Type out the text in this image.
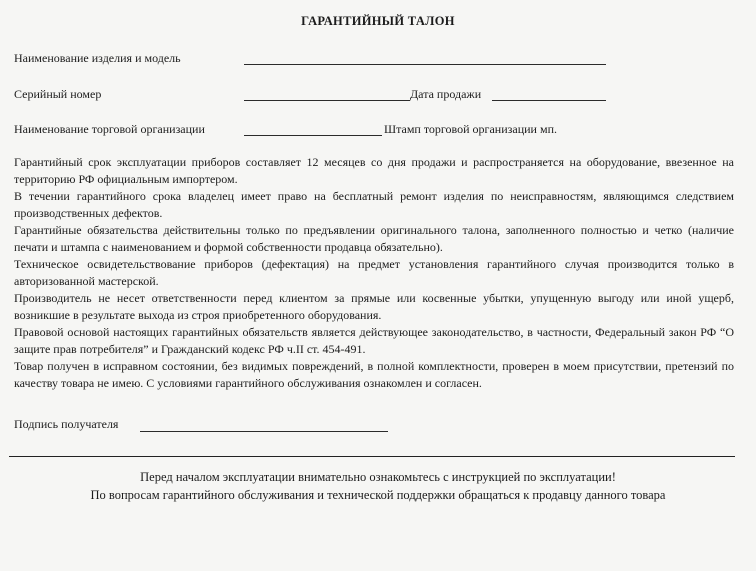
ГАРАНТИЙНЫЙ ТАЛОН
Наименование изделия и модель
Серийный номер	Дата продажи
Наименование торговой организации	Штамп торговой организации мп.

Гарантийный срок эксплуатации приборов составляет 12 месяцев со дня продажи и распространяется на оборудование, ввезенное на территорию РФ официальным импортером.

В течении гарантийного срока владелец имеет право на бесплатный ремонт изделия по неисправностям, являющимся следствием производственных дефектов.

Гарантийные обязательства действительны только по предъявлении оригинального талона, заполненного полностью и четко (наличие печати и штампа с наименованием и формой собственности продавца обязательно).

Техническое освидетельствование приборов (дефектация) на предмет установления гарантийного случая производится только в авторизованной мастерской.

Производитель не несет ответственности перед клиентом за прямые или косвенные убытки, упущенную выгоду или иной ущерб, возникшие в результате выхода из строя приобретенного оборудования.

Правовой основой настоящих гарантийных обязательств является действующее законодательство, в частности, Федеральный закон РФ “О защите прав потребителя” и Гражданский кодекс РФ ч.II ст. 454-491.

Товар получен в исправном состоянии, без видимых повреждений, в полной комплектности, проверен в моем присутствии, претензий по качеству товара не имею. С условиями гарантийного обслуживания ознакомлен и согласен.

Подпись получателя
Перед началом эксплуатации внимательно ознакомьтесь с инструкцией по эксплуатации!
По вопросам гарантийного обслуживания и технической поддержки обращаться к продавцу данного товара
